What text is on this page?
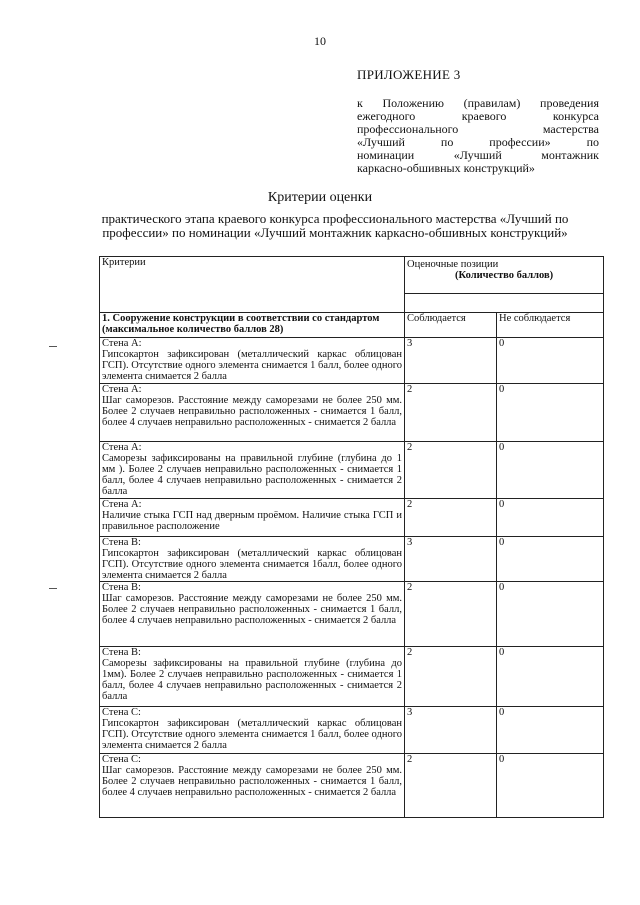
10
ПРИЛОЖЕНИЕ 3
к Положению (правилам) проведения
ежегодного краевого конкурса
профессионального мастерства
«Лучший по профессии» по
номинации «Лучший монтажник
каркасно-обшивных конструкций»
Критерии оценки
практического этапа краевого конкурса профессионального мастерства «Лучший по профессии» по номинации «Лучший монтажник каркасно-обшивных конструкций»
Критерии	Оценочные позиции
(Количество баллов)	

1. Сооружение конструкции в соответствии со стандартом (максимальное количество баллов 28)	Соблюдается	Не соблюдается

Стена А:
Гипсокартон зафиксирован (металлический каркас облицован ГСП). Отсутствие одного элемента снимается 1 балл, более одного элемента снимается 2 балла	3	0

Стена А:
Шаг саморезов. Расстояние между саморезами не более 250 мм. Более 2 случаев неправильно расположенных - снимается 1 балл, более 4 случаев неправильно расположенных - снимается 2 балла	2	0

Стена А:
Саморезы зафиксированы на правильной глубине (глубина до 1 мм ). Более 2 случаев неправильно расположенных - снимается 1 балл, более 4 случаев неправильно расположенных - снимается 2 балла	2	0

Стена А:
Наличие стыка ГСП над дверным проёмом. Наличие стыка ГСП и правильное расположение	2	0

Стена В:
Гипсокартон зафиксирован (металлический каркас облицован ГСП). Отсутствие одного элемента снимается 1балл, более одного элемента снимается 2 балла	3	0

Стена В:
Шаг саморезов. Расстояние между саморезами не более 250 мм. Более 2 случаев неправильно расположенных - снимается 1 балл, более 4 случаев неправильно расположенных - снимается 2 балла	2	0

Стена В:
Саморезы зафиксированы на правильной глубине (глубина до 1мм). Более 2 случаев неправильно расположенных - снимается 1 балл, более 4 случаев неправильно расположенных - снимается 2 балла	2	0

Стена С:
Гипсокартон зафиксирован (металлический каркас облицован ГСП). Отсутствие одного элемента снимается 1 балл, более одного элемента снимается 2 балла	3	0

Стена С:
Шаг саморезов. Расстояние между саморезами не более 250 мм. Более 2 случаев неправильно расположенных - снимается 1 балл, более 4 случаев неправильно расположенных - снимается 2 балла	2	0
